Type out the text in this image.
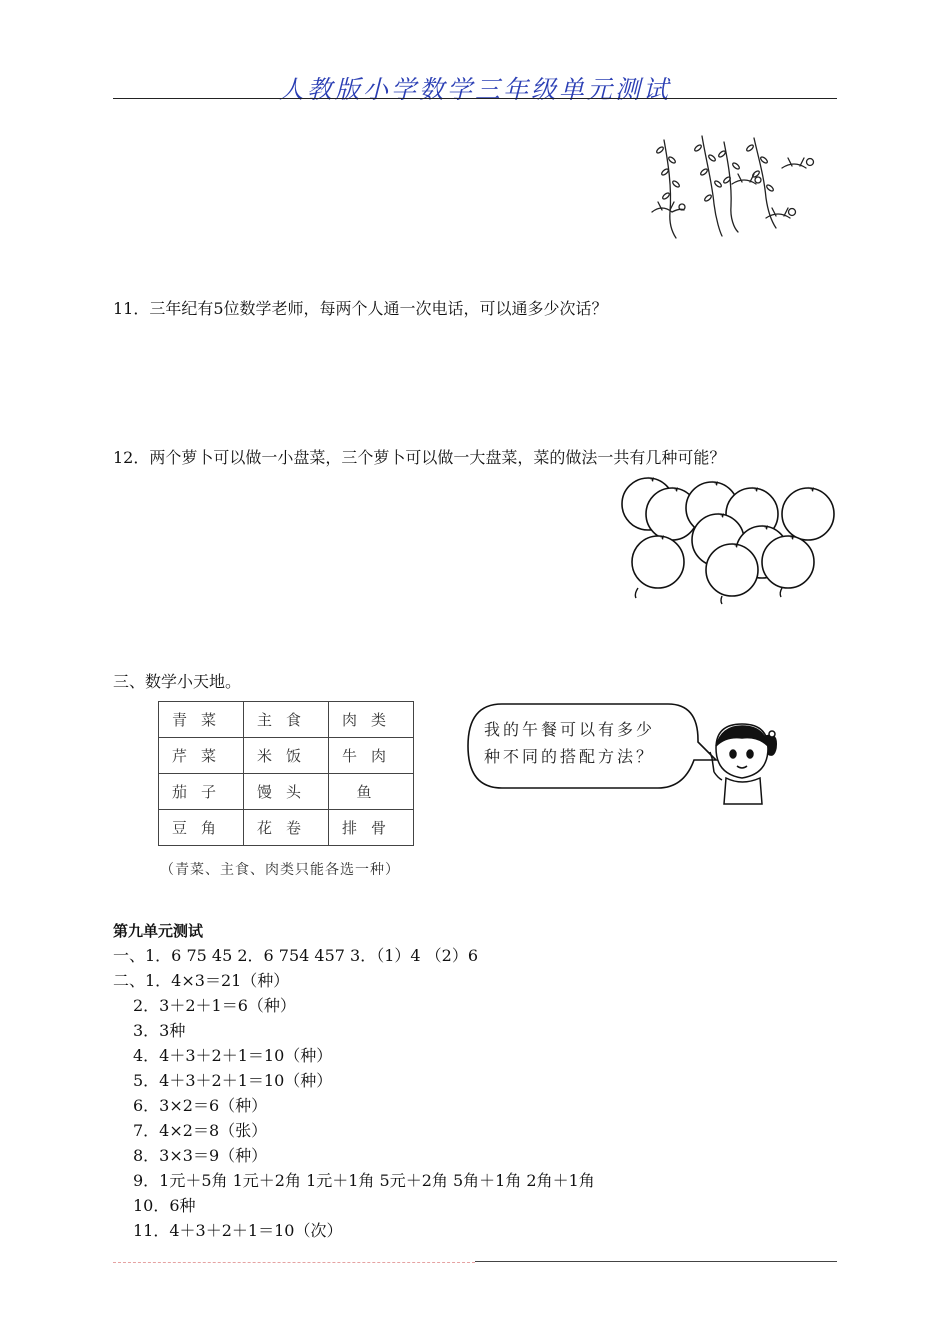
人教版小学数学三年级单元测试
11．三年纪有5位数学老师，每两个人通一次电话，可以通多少次话？
12．两个萝卜可以做一小盘菜，三个萝卜可以做一大盘菜，菜的做法一共有几种可能？
三、数学小天地。
青菜	主食	肉类
芹菜	米饭	牛肉
茄子	馒头	鱼
豆角	花卷	排骨
（青菜、主食、肉类只能各选一种）
我的午餐可以有多少
种不同的搭配方法？
第九单元测试
一、1．6 75 45 2．6 754 457 3．（1）4 （2）6
二、1．4×3＝21（种）
2．3＋2＋1＝6（种）
3．3种
4．4＋3＋2＋1＝10（种）
5．4＋3＋2＋1＝10（种）
6．3×2＝6（种）
7．4×2＝8（张）
8．3×3＝9（种）
9．1元＋5角 1元＋2角 1元＋1角 5元＋2角 5角＋1角 2角＋1角
10．6种
11．4＋3＋2＋1＝10（次）
